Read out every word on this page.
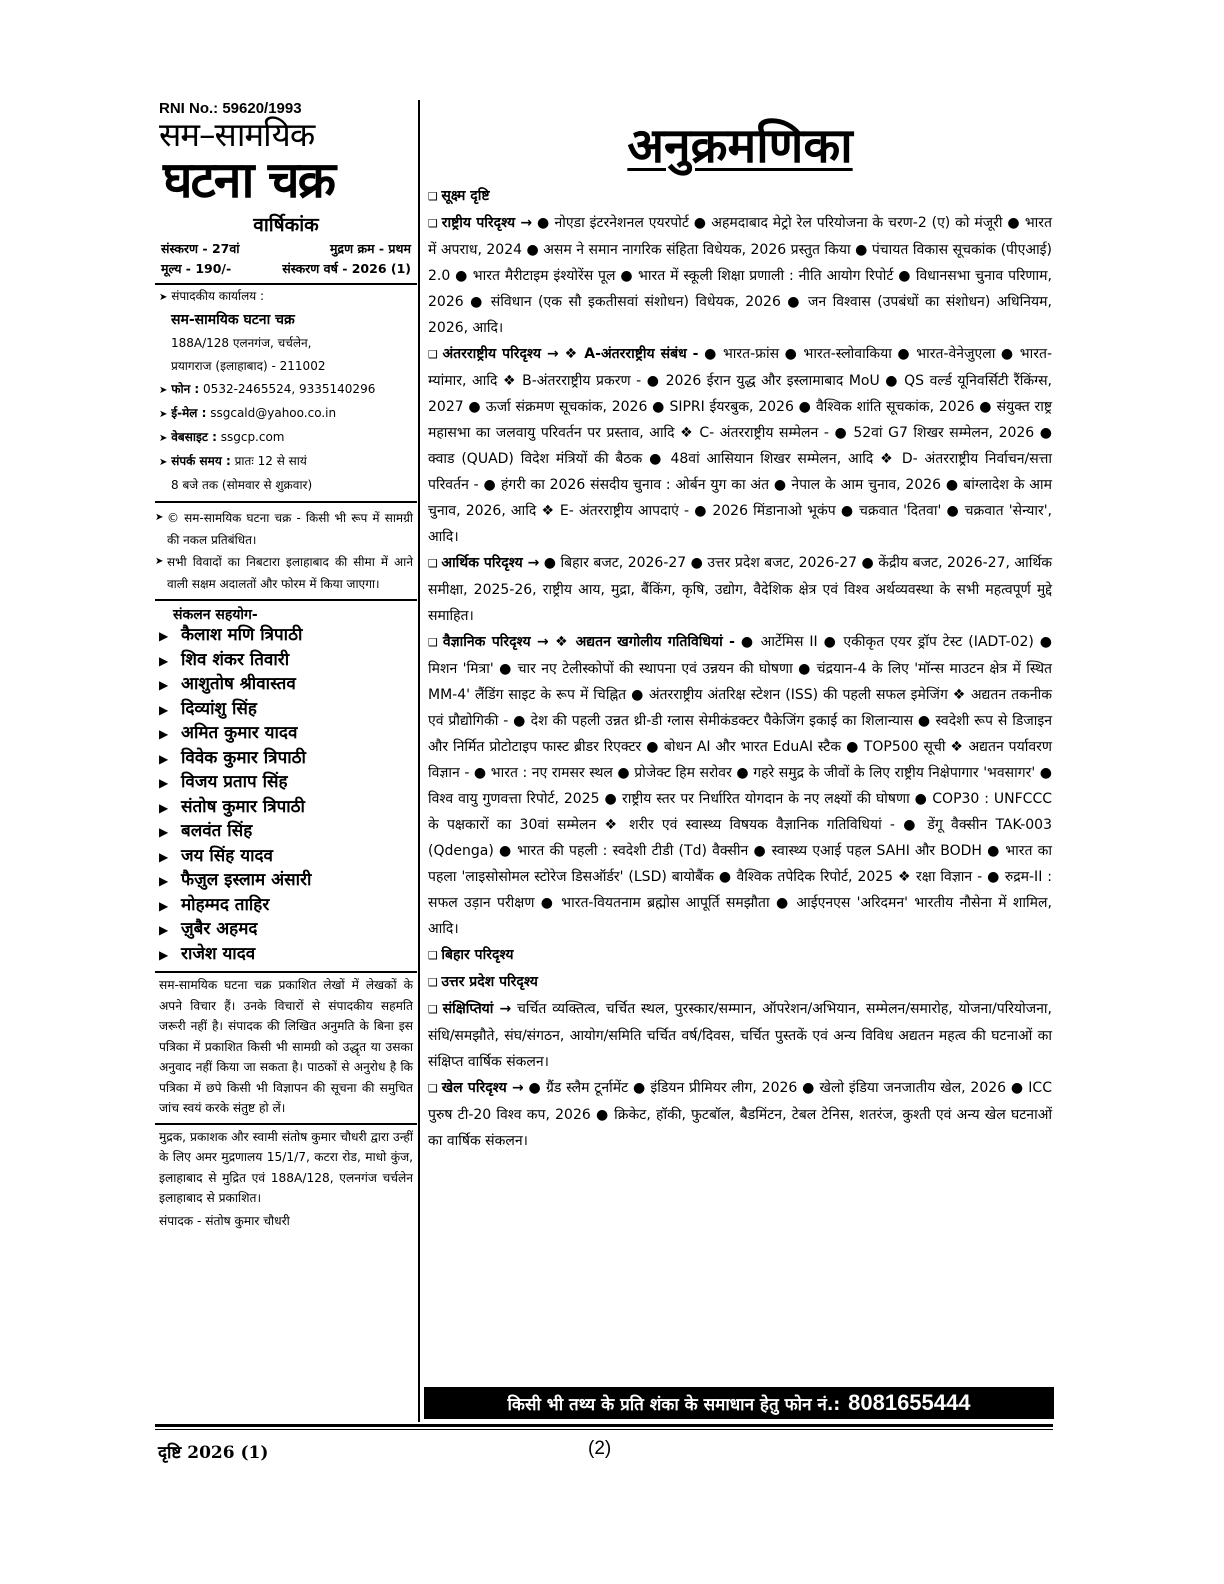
RNI No.: 59620/1993
सम–सामयिक
घटना चक्र
वार्षिकांक
संस्करण - 27वां	मुद्रण क्रम - प्रथम
मूल्य - 190/-	संस्करण वर्ष - 2026 (1)
➤ संपादकीय कार्यालय :
सम-सामयिक घटना चक्र
188A/128 एलनगंज, चर्चलेन,
प्रयागराज (इलाहाबाद) - 211002
➤ फोन : 0532-2465524, 9335140296
➤ ई-मेल : ssgcald@yahoo.co.in
➤ वेबसाइट : ssgcp.com
➤ संपर्क समय : प्रातः 12 से सायं
8 बजे तक (सोमवार से शुक्रवार)
➤ © सम-सामयिक घटना चक्र - किसी भी रूप में सामग्री की नकल प्रतिबंधित।
➤ सभी विवादों का निबटारा इलाहाबाद की सीमा में आने वाली सक्षम अदालतों और फोरम में किया जाएगा।
संकलन सहयोग-
▶ कैलाश मणि त्रिपाठी
▶ शिव शंकर तिवारी
▶ आशुतोष श्रीवास्तव
▶ दिव्यांशु सिंह
▶ अमित कुमार यादव
▶ विवेक कुमार त्रिपाठी
▶ विजय प्रताप सिंह
▶ संतोष कुमार त्रिपाठी
▶ बलवंत सिंह
▶ जय सिंह यादव
▶ फैज़ुल इस्लाम अंसारी
▶ मोहम्मद ताहिर
▶ ज़ुबैर अहमद
▶ राजेश यादव
सम-सामयिक घटना चक्र प्रकाशित लेखों में लेखकों के अपने विचार हैं। उनके विचारों से संपादकीय सहमति जरूरी नहीं है। संपादक की लिखित अनुमति के बिना इस पत्रिका में प्रकाशित किसी भी सामग्री को उद्धृत या उसका अनुवाद नहीं किया जा सकता है। पाठकों से अनुरोध है कि पत्रिका में छपे किसी भी विज्ञापन की सूचना की समुचित जांच स्वयं करके संतुष्ट हो लें।
मुद्रक, प्रकाशक और स्वामी संतोष कुमार चौधरी द्वारा उन्हीं के लिए अमर मुद्रणालय 15/1/7, कटरा रोड, माधो कुंज, इलाहाबाद से मुद्रित एवं 188A/128, एलनगंज चर्चलेन इलाहाबाद से प्रकाशित।
संपादक - संतोष कुमार चौधरी
अनुक्रमणिका
❑ सूक्ष्म दृष्टि
❑ राष्ट्रीय परिदृश्य → ● नोएडा इंटरनेशनल एयरपोर्ट ● अहमदाबाद मेट्रो रेल परियोजना के चरण-2 (ए) को मंजूरी ● भारत में अपराध, 2024 ● असम ने समान नागरिक संहिता विधेयक, 2026 प्रस्तुत किया ● पंचायत विकास सूचकांक (पीएआई) 2.0 ● भारत मैरीटाइम इंश्योरेंस पूल ● भारत में स्कूली शिक्षा प्रणाली : नीति आयोग रिपोर्ट ● विधानसभा चुनाव परिणाम, 2026 ● संविधान (एक सौ इकतीसवां संशोधन) विधेयक, 2026 ● जन विश्वास (उपबंधों का संशोधन) अधिनियम, 2026, आदि।
❑ अंतरराष्ट्रीय परिदृश्य → ❖ A-अंतरराष्ट्रीय संबंध - ● भारत-फ्रांस ● भारत-स्लोवाकिया ● भारत-वेनेजुएला ● भारत-म्यांमार, आदि ❖ B-अंतरराष्ट्रीय प्रकरण - ● 2026 ईरान युद्ध और इस्लामाबाद MoU ● QS वर्ल्ड यूनिवर्सिटी रैंकिंग्स, 2027 ● ऊर्जा संक्रमण सूचकांक, 2026 ● SIPRI ईयरबुक, 2026 ● वैश्विक शांति सूचकांक, 2026 ● संयुक्त राष्ट्र महासभा का जलवायु परिवर्तन पर प्रस्ताव, आदि ❖ C- अंतरराष्ट्रीय सम्मेलन - ● 52वां G7 शिखर सम्मेलन, 2026 ● क्वाड (QUAD) विदेश मंत्रियों की बैठक ● 48वां आसियान शिखर सम्मेलन, आदि ❖ D- अंतरराष्ट्रीय निर्वाचन/सत्ता परिवर्तन - ● हंगरी का 2026 संसदीय चुनाव : ओर्बन युग का अंत ● नेपाल के आम चुनाव, 2026 ● बांग्लादेश के आम चुनाव, 2026, आदि ❖ E- अंतरराष्ट्रीय आपदाएं - ● 2026 मिंडानाओ भूकंप ● चक्रवात 'दितवा' ● चक्रवात 'सेन्यार', आदि।
❑ आर्थिक परिदृश्य → ● बिहार बजट, 2026-27 ● उत्तर प्रदेश बजट, 2026-27 ● केंद्रीय बजट, 2026-27, आर्थिक समीक्षा, 2025-26, राष्ट्रीय आय, मुद्रा, बैंकिंग, कृषि, उद्योग, वैदेशिक क्षेत्र एवं विश्व अर्थव्यवस्था के सभी महत्वपूर्ण मुद्दे समाहित।
❑ वैज्ञानिक परिदृश्य → ❖ अद्यतन खगोलीय गतिविधियां - ● आर्टेमिस II ● एकीकृत एयर ड्रॉप टेस्ट (IADT-02) ● मिशन 'मित्रा' ● चार नए टेलीस्कोपों की स्थापना एवं उन्नयन की घोषणा ● चंद्रयान-4 के लिए 'मॉन्स माउटन क्षेत्र में स्थित MM-4' लैंडिंग साइट के रूप में चिह्नित ● अंतरराष्ट्रीय अंतरिक्ष स्टेशन (ISS) की पहली सफल इमेजिंग ❖ अद्यतन तकनीक एवं प्रौद्योगिकी - ● देश की पहली उन्नत थ्री-डी ग्लास सेमीकंडक्टर पैकेजिंग इकाई का शिलान्यास ● स्वदेशी रूप से डिजाइन और निर्मित प्रोटोटाइप फास्ट ब्रीडर रिएक्टर ● बोधन AI और भारत EduAI स्टैक ● TOP500 सूची ❖ अद्यतन पर्यावरण विज्ञान - ● भारत : नए रामसर स्थल ● प्रोजेक्ट हिम सरोवर ● गहरे समुद्र के जीवों के लिए राष्ट्रीय निक्षेपागार 'भवसागर' ● विश्व वायु गुणवत्ता रिपोर्ट, 2025 ● राष्ट्रीय स्तर पर निर्धारित योगदान के नए लक्ष्यों की घोषणा ● COP30 : UNFCCC के पक्षकारों का 30वां सम्मेलन ❖ शरीर एवं स्वास्थ्य विषयक वैज्ञानिक गतिविधियां - ● डेंगू वैक्सीन TAK-003 (Qdenga) ● भारत की पहली : स्वदेशी टीडी (Td) वैक्सीन ● स्वास्थ्य एआई पहल SAHI और BODH ● भारत का पहला 'लाइसोसोमल स्टोरेज डिसऑर्डर' (LSD) बायोबैंक ● वैश्विक तपेदिक रिपोर्ट, 2025 ❖ रक्षा विज्ञान - ● रुद्रम-II : सफल उड़ान परीक्षण ● भारत-वियतनाम ब्रह्मोस आपूर्ति समझौता ● आईएनएस 'अरिदमन' भारतीय नौसेना में शामिल, आदि।
❑ बिहार परिदृश्य
❑ उत्तर प्रदेश परिदृश्य
❑ संक्षिप्तियां → चर्चित व्यक्तित्व, चर्चित स्थल, पुरस्कार/सम्मान, ऑपरेशन/अभियान, सम्मेलन/समारोह, योजना/परियोजना, संधि/समझौते, संघ/संगठन, आयोग/समिति चर्चित वर्ष/दिवस, चर्चित पुस्तकें एवं अन्य विविध अद्यतन महत्व की घटनाओं का संक्षिप्त वार्षिक संकलन।
❑ खेल परिदृश्य → ● ग्रैंड स्लैम टूर्नामेंट ● इंडियन प्रीमियर लीग, 2026 ● खेलो इंडिया जनजातीय खेल, 2026 ● ICC पुरुष टी-20 विश्व कप, 2026 ● क्रिकेट, हॉकी, फुटबॉल, बैडमिंटन, टेबल टेनिस, शतरंज, कुश्ती एवं अन्य खेल घटनाओं का वार्षिक संकलन।
किसी भी तथ्य के प्रति शंका के समाधान हेतु फोन नं.: 8081655444
दृष्टि 2026 (1)	(2)
